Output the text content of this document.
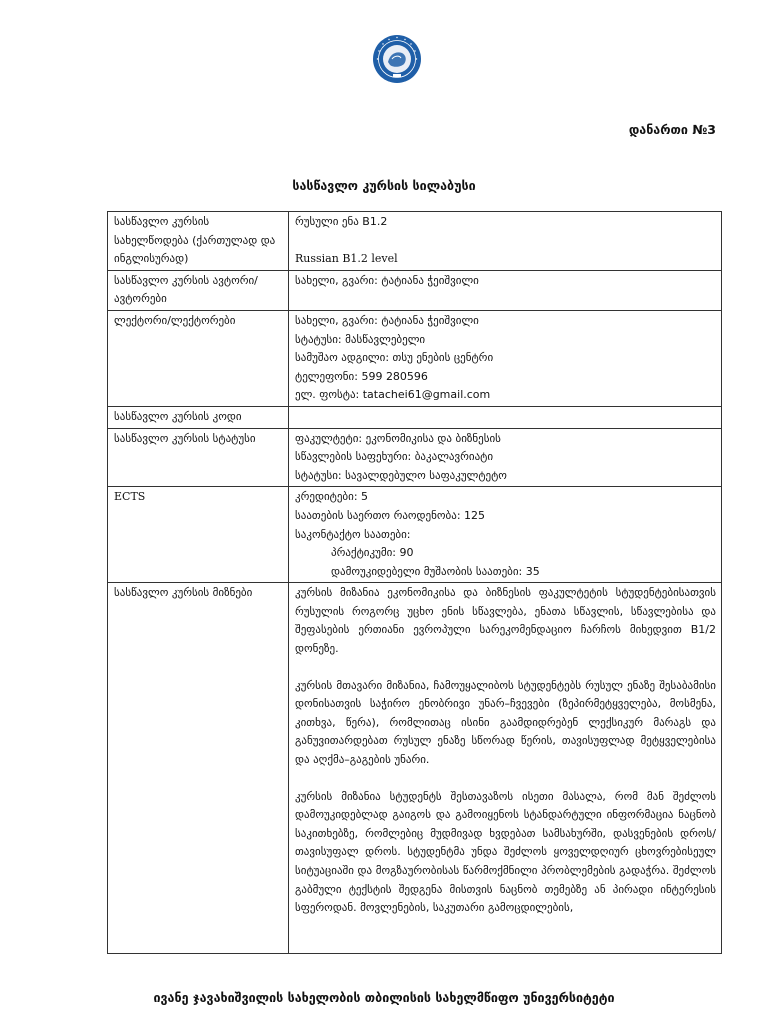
დანართი №3
სასწავლო კურსის სილაბუსი
სასწავლო კურსის სახელწოდება (ქართულად და ინგლისურად)	რუსული ენა B1.2
Russian B1.2 level

სასწავლო კურსის ავტორი/ავტორები	სახელი, გვარი: ტატიანა ჭეიშვილი
ლექტორი/ლექტორები	სახელი, გვარი: ტატიანა ჭეიშვილი
სტატუსი: მასწავლებელი
სამუშაო ადგილი: თსუ ენების ცენტრი
ტელეფონი: 599 280596
ელ. ფოსტა: tatachei61@gmail.com

სასწავლო კურსის კოდი	
სასწავლო კურსის სტატუსი	ფაკულტეტი: ეკონომიკისა და ბიზნესის
სწავლების საფეხური: ბაკალავრიატი
სტატუსი: სავალდებულო საფაკულტეტო

ECTS	კრედიტები: 5
საათების საერთო რაოდენობა: 125
საკონტაქტო საათები:
პრაქტიკუმი: 90
დამოუკიდებელი მუშაობის საათები: 35

სასწავლო კურსის მიზნები	კურსის მიზანია ეკონომიკისა და ბიზნესის ფაკულტეტის სტუდენტებისათვის რუსულის როგორც უცხო ენის სწავლება, ენათა სწავლის, სწავლებისა და შეფასების ერთიანი ევროპული სარეკომენდაციო ჩარჩოს მიხედვით B1/2 დონეზე.
კურსის მთავარი მიზანია, ჩამოუყალიბოს სტუდენტებს რუსულ ენაზე შესაბამისი დონისათვის საჭირო ენობრივი უნარ–ჩვევები (ზეპირმეტყველება, მოსმენა, კითხვა, წერა), რომლითაც ისინი გაამდიდრებენ ლექსიკურ მარაგს და განუვითარდებათ რუსულ ენაზე სწორად წერის, თავისუფლად მეტყველებისა და აღქმა–გაგების უნარი.
კურსის მიზანია სტუდენტს შესთავაზოს ისეთი მასალა, რომ მან შეძლოს დამოუკიდებლად გაიგოს და გამოიყენოს სტანდარტული ინფორმაცია ნაცნობ საკითხებზე, რომლებიც მუდმივად ხვდებათ სამსახურში, დასვენების დროს/თავისუფალ დროს. სტუდენტმა უნდა შეძლოს ყოველდღიურ ცხოვრებისეულ სიტუაციაში და მოგზაურობისას წარმოქმნილი პრობლემების გადაჭრა. შეძლოს გაბმული ტექსტის შედგენა მისთვის ნაცნობ თემებზე ან პირადი ინტერესის სფეროდან. მოვლენების, საკუთარი გამოცდილების,
ივანე ჯავახიშვილის სახელობის თბილისის სახელმწიფო უნივერსიტეტი
